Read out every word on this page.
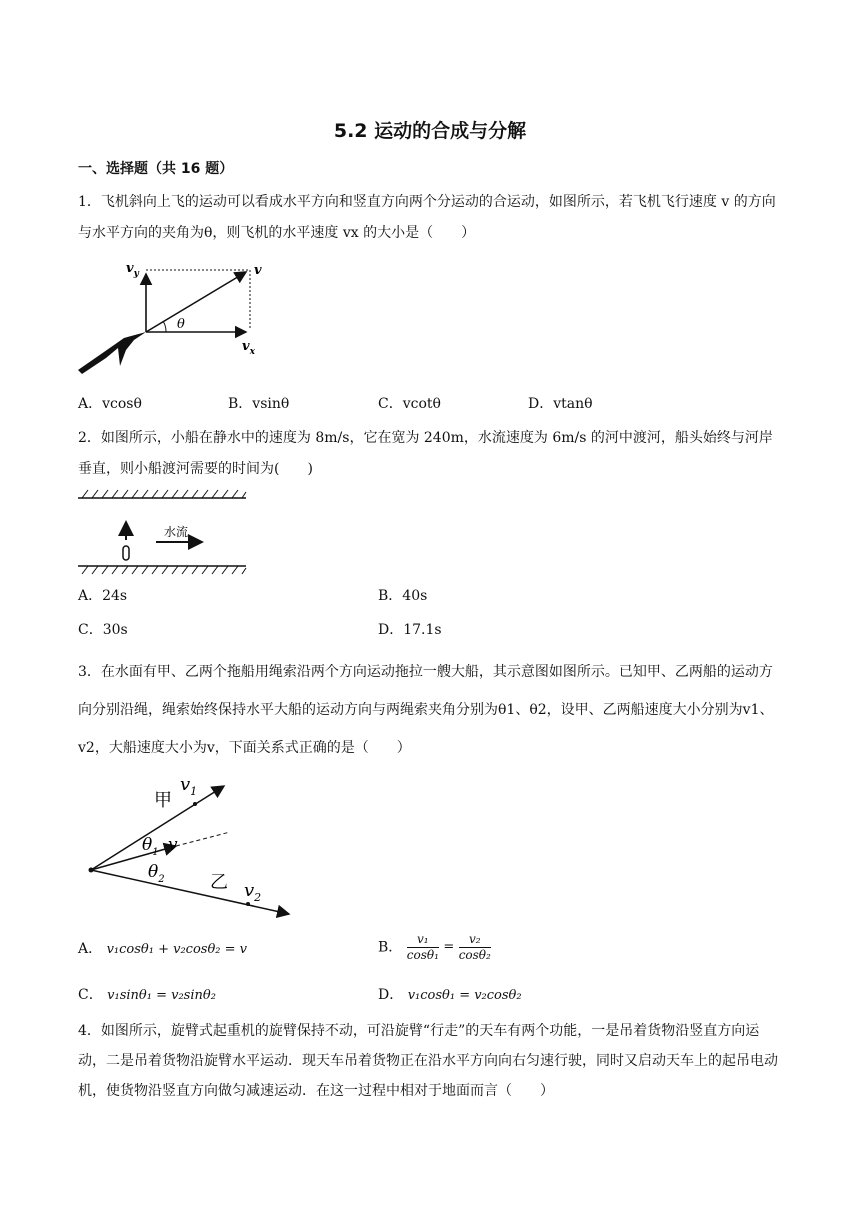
5.2 运动的合成与分解
一、选择题（共 16 题）
1．飞机斜向上飞的运动可以看成水平方向和竖直方向两个分运动的合运动，如图所示，若飞机飞行速度 v 的方向与水平方向的夹角为θ，则飞机的水平速度 vx 的大小是（　　）
$v_y$	v
$v_x$
θ
A．vcosθ	B．vsinθ	C．vcotθ	D．vtanθ
2．如图所示，小船在静水中的速度为 8m/s，它在宽为 240m，水流速度为 6m/s 的河中渡河，船头始终与河岸垂直，则小船渡河需要的时间为(　　)
水流
A．24s	B．40s
C．30s	D．17.1s
3．在水面有甲、乙两个拖船用绳索沿两个方向运动拖拉一艘大船，其示意图如图所示。已知甲、乙两船的运动方向分别沿绳，绳索始终保持水平大船的运动方向与两绳索夹角分别为θ1、θ2，设甲、乙两船速度大小分别为v1、v2，大船速度大小为v，下面关系式正确的是（　　）
甲
$v_1$
$\theta_1$ v
$\theta_2$	乙 $v_2$
A． v₁cosθ₁ + v₂cosθ₂ = v	B． $\frac{\text{v₁}}{\text{cosθ₁}} = \frac{\text{v₂}}{\text{cosθ₂}}$
C． v₁sinθ₁ = v₂sinθ₂	D． v₁cosθ₁ = v₂cosθ₂
4．如图所示，旋臂式起重机的旋臂保持不动，可沿旋臂“行走”的天车有两个功能，一是吊着货物沿竖直方向运动，二是吊着货物沿旋臂水平运动．现天车吊着货物正在沿水平方向向右匀速行驶，同时又启动天车上的起吊电动机，使货物沿竖直方向做匀减速运动．在这一过程中相对于地面而言（　　）
